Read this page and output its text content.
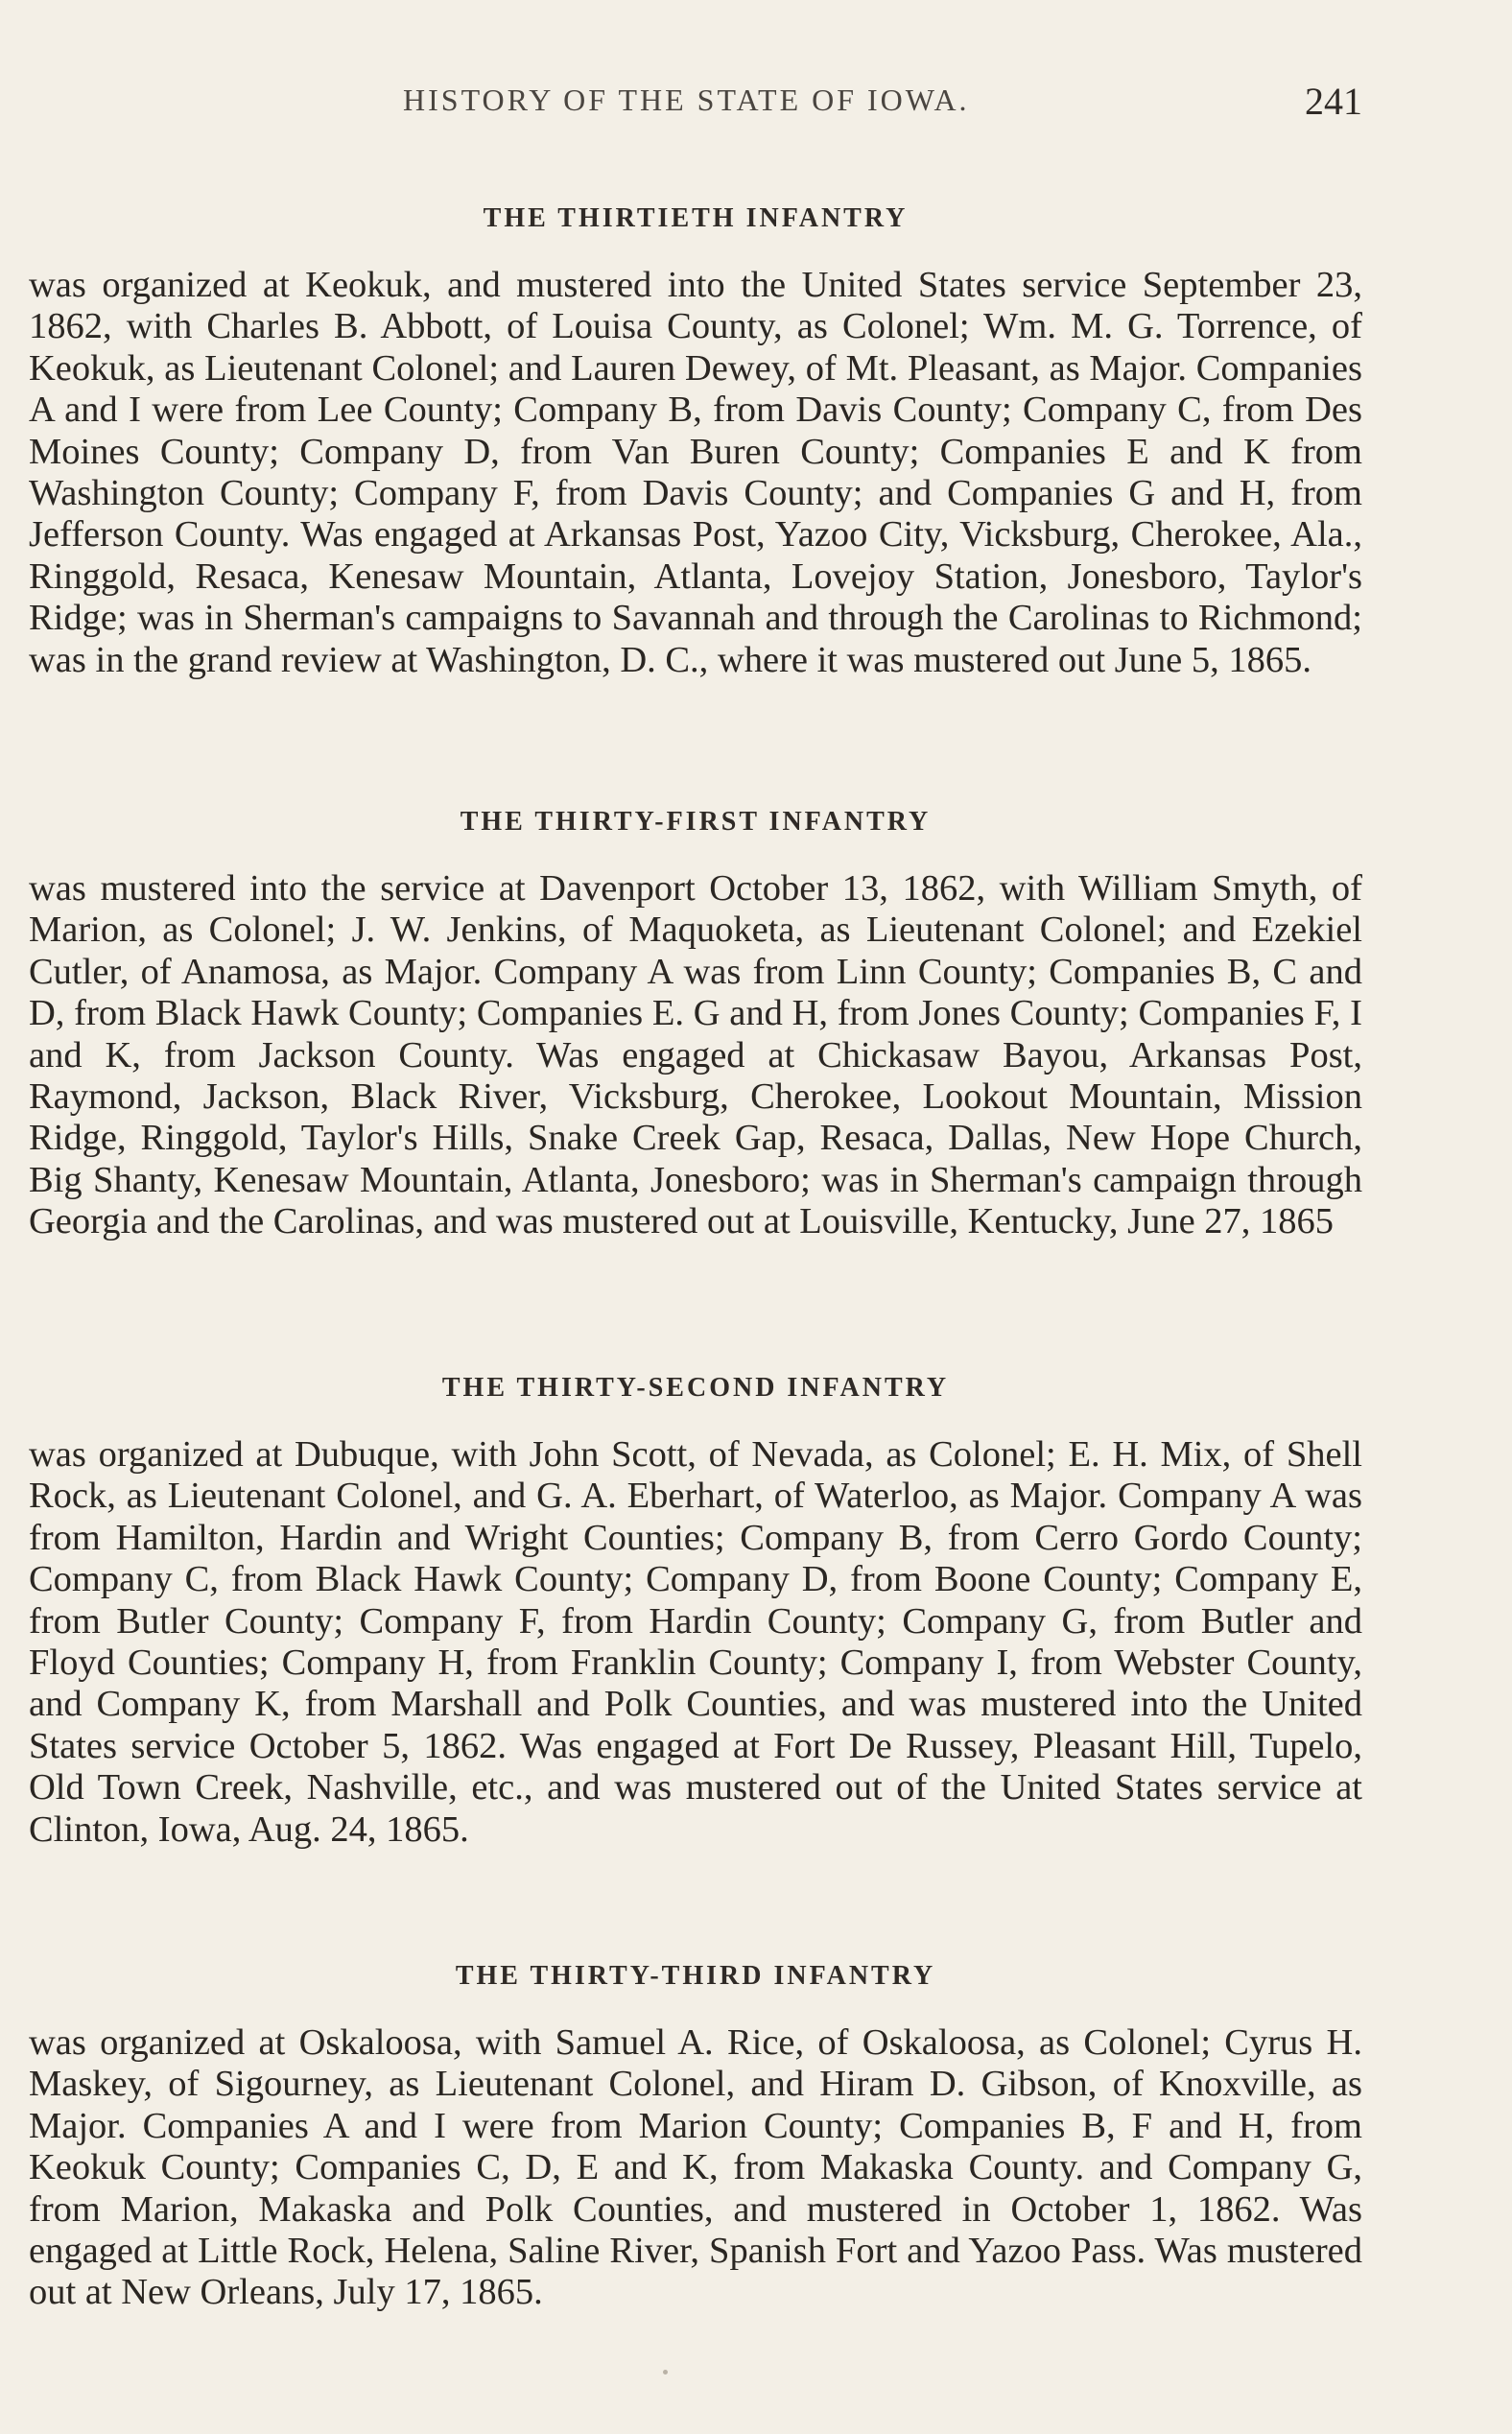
HISTORY OF THE STATE OF IOWA.	241
THE THIRTIETH INFANTRY

was organized at Keokuk, and mustered into the United States service September 23, 1862, with Charles B. Abbott, of Louisa County, as Colonel; Wm. M. G. Torrence, of Keokuk, as Lieutenant Colonel; and Lauren Dewey, of Mt. Pleasant, as Major. Companies A and I were from Lee County; Company B, from Davis County; Company C, from Des Moines County; Company D, from Van Buren County; Companies E and K from Washington County; Company F, from Davis County; and Companies G and H, from Jefferson County. Was engaged at Arkansas Post, Yazoo City, Vicksburg, Cherokee, Ala., Ringgold, Resaca, Kenesaw Mountain, Atlanta, Lovejoy Station, Jonesboro, Taylor's Ridge; was in Sherman's campaigns to Savannah and through the Carolinas to Richmond; was in the grand review at Washington, D. C., where it was mustered out June 5, 1865.

THE THIRTY-FIRST INFANTRY

was mustered into the service at Davenport October 13, 1862, with William Smyth, of Marion, as Colonel; J. W. Jenkins, of Maquoketa, as Lieutenant Colonel; and Ezekiel Cutler, of Anamosa, as Major. Company A was from Linn County; Companies B, C and D, from Black Hawk County; Companies E. G and H, from Jones County; Companies F, I and K, from Jackson County. Was engaged at Chickasaw Bayou, Arkansas Post, Raymond, Jackson, Black River, Vicksburg, Cherokee, Lookout Mountain, Mission Ridge, Ringgold, Taylor's Hills, Snake Creek Gap, Resaca, Dallas, New Hope Church, Big Shanty, Kenesaw Mountain, Atlanta, Jonesboro; was in Sherman's campaign through Georgia and the Carolinas, and was mustered out at Louisville, Kentucky, June 27, 1865

THE THIRTY-SECOND INFANTRY

was organized at Dubuque, with John Scott, of Nevada, as Colonel; E. H. Mix, of Shell Rock, as Lieutenant Colonel, and G. A. Eberhart, of Waterloo, as Major. Company A was from Hamilton, Hardin and Wright Counties; Company B, from Cerro Gordo County; Company C, from Black Hawk County; Company D, from Boone County; Company E, from Butler County; Company F, from Hardin County; Company G, from Butler and Floyd Counties; Company H, from Franklin County; Company I, from Webster County, and Company K, from Marshall and Polk Counties, and was mustered into the United States service October 5, 1862. Was engaged at Fort De Russey, Pleasant Hill, Tupelo, Old Town Creek, Nashville, etc., and was mustered out of the United States service at Clinton, Iowa, Aug. 24, 1865.

THE THIRTY-THIRD INFANTRY

was organized at Oskaloosa, with Samuel A. Rice, of Oskaloosa, as Colonel; Cyrus H. Maskey, of Sigourney, as Lieutenant Colonel, and Hiram D. Gibson, of Knoxville, as Major. Companies A and I were from Marion County; Companies B, F and H, from Keokuk County; Companies C, D, E and K, from Makaska County. and Company G, from Marion, Makaska and Polk Counties, and mustered in October 1, 1862. Was engaged at Little Rock, Helena, Saline River, Spanish Fort and Yazoo Pass. Was mustered out at New Orleans, July 17, 1865.
